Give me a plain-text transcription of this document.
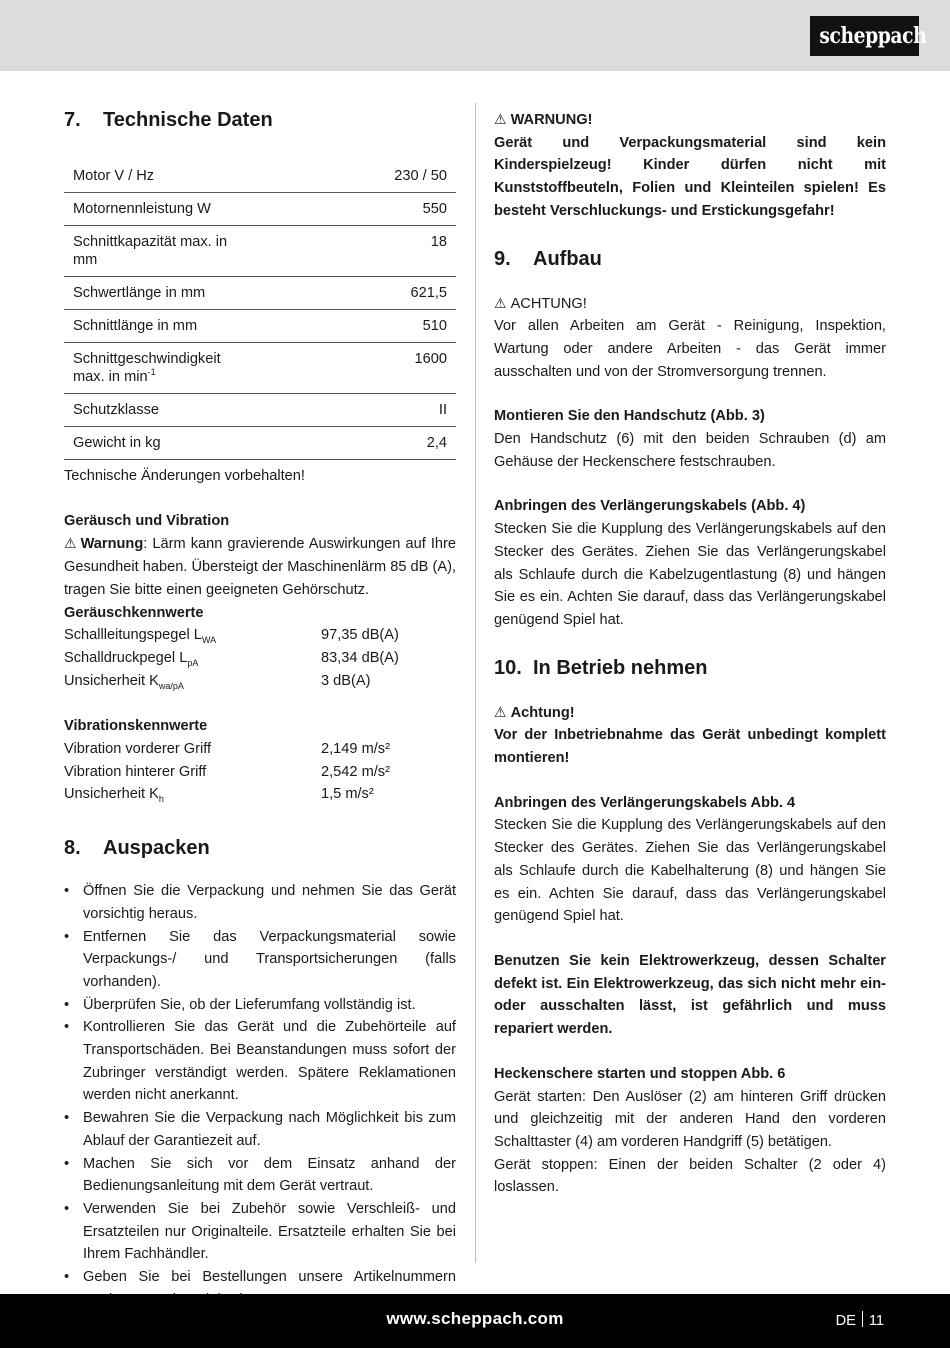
scheppach
7.	Technische Daten
Motor V / Hz	230 / 50
Motornennleistung W	550
Schnittkapazität max. in mm	18
Schwertlänge in mm	621,5
Schnittlänge in mm	510
Schnittgeschwindigkeit max. in $\min^{-1}$	1600
Schutzklasse	II
Gewicht in kg	2,4
Technische Änderungen vorbehalten!
Geräusch und Vibration
⚠ Warnung: Lärm kann gravierende Auswirkungen auf Ihre Gesundheit haben. Übersteigt der Maschinenlärm 85 dB (A), tragen Sie bitte einen geeigneten Gehörschutz.
Geräuschkennwerte
Schallleitungspegel $L_{WA}$	97,35 dB(A)
Schalldruckpegel $L_{pA}$	83,34 dB(A)
Unsicherheit $K_{wa/pA}$	3 dB(A)
Vibrationskennwerte
Vibration vorderer Griff	2,149 m/s²
Vibration hinterer Griff	2,542 m/s²
Unsicherheit $K_h$	1,5 m/s²
8.	Auspacken
• Öffnen Sie die Verpackung und nehmen Sie das Gerät vorsichtig heraus.
• Entfernen Sie das Verpackungsmaterial sowie Verpackungs-/ und Transportsicherungen (falls vorhanden).
• Überprüfen Sie, ob der Lieferumfang vollständig ist.
• Kontrollieren Sie das Gerät und die Zubehörteile auf Transportschäden. Bei Beanstandungen muss sofort der Zubringer verständigt werden. Spätere Reklamationen werden nicht anerkannt.
• Bewahren Sie die Verpackung nach Möglichkeit bis zum Ablauf der Garantiezeit auf.
• Machen Sie sich vor dem Einsatz anhand der Bedienungsanleitung mit dem Gerät vertraut.
• Verwenden Sie bei Zubehör sowie Verschleiß- und Ersatzteilen nur Originalteile. Ersatzteile erhalten Sie bei Ihrem Fachhändler.
• Geben Sie bei Bestellungen unsere Artikelnummern
⚠ WARNUNG!
Gerät und Verpackungsmaterial sind kein Kinderspielzeug! Kinder dürfen nicht mit Kunststoffbeuteln, Folien und Kleinteilen spielen! Es besteht Verschluckungs- und Erstickungsgefahr!
9.	Aufbau
⚠ ACHTUNG!
Vor allen Arbeiten am Gerät - Reinigung, Inspektion, Wartung oder andere Arbeiten - das Gerät immer ausschalten und von der Stromversorgung trennen.
Montieren Sie den Handschutz (Abb. 3)
Den Handschutz (6) mit den beiden Schrauben (d) am Gehäuse der Heckenschere festschrauben.
Anbringen des Verlängerungskabels (Abb. 4)
Stecken Sie die Kupplung des Verlängerungskabels auf den Stecker des Gerätes. Ziehen Sie das Verlängerungskabel als Schlaufe durch die Kabelzugentlastung (8) und hängen Sie es ein. Achten Sie darauf, dass das Verlängerungskabel genügend Spiel hat.
10. In Betrieb nehmen
⚠ Achtung!
Vor der Inbetriebnahme das Gerät unbedingt komplett montieren!
Anbringen des Verlängerungskabels Abb. 4
Stecken Sie die Kupplung des Verlängerungskabels auf den Stecker des Gerätes. Ziehen Sie das Verlängerungskabel als Schlaufe durch die Kabelhalterung (8) und hängen Sie es ein. Achten Sie darauf, dass das Verlängerungskabel genügend Spiel hat.
Benutzen Sie kein Elektrowerkzeug, dessen Schalter defekt ist. Ein Elektrowerkzeug, das sich nicht mehr ein- oder ausschalten lässt, ist gefährlich und muss repariert werden.
Heckenschere starten und stoppen Abb. 6
Gerät starten: Den Auslöser (2) am hinteren Griff drücken und gleichzeitig mit der anderen Hand den vorderen Schalttaster (4) am vorderen Handgriff (5) betätigen.
Gerät stoppen: Einen der beiden Schalter (2 oder 4) loslassen.
www.scheppach.com	DE 11
